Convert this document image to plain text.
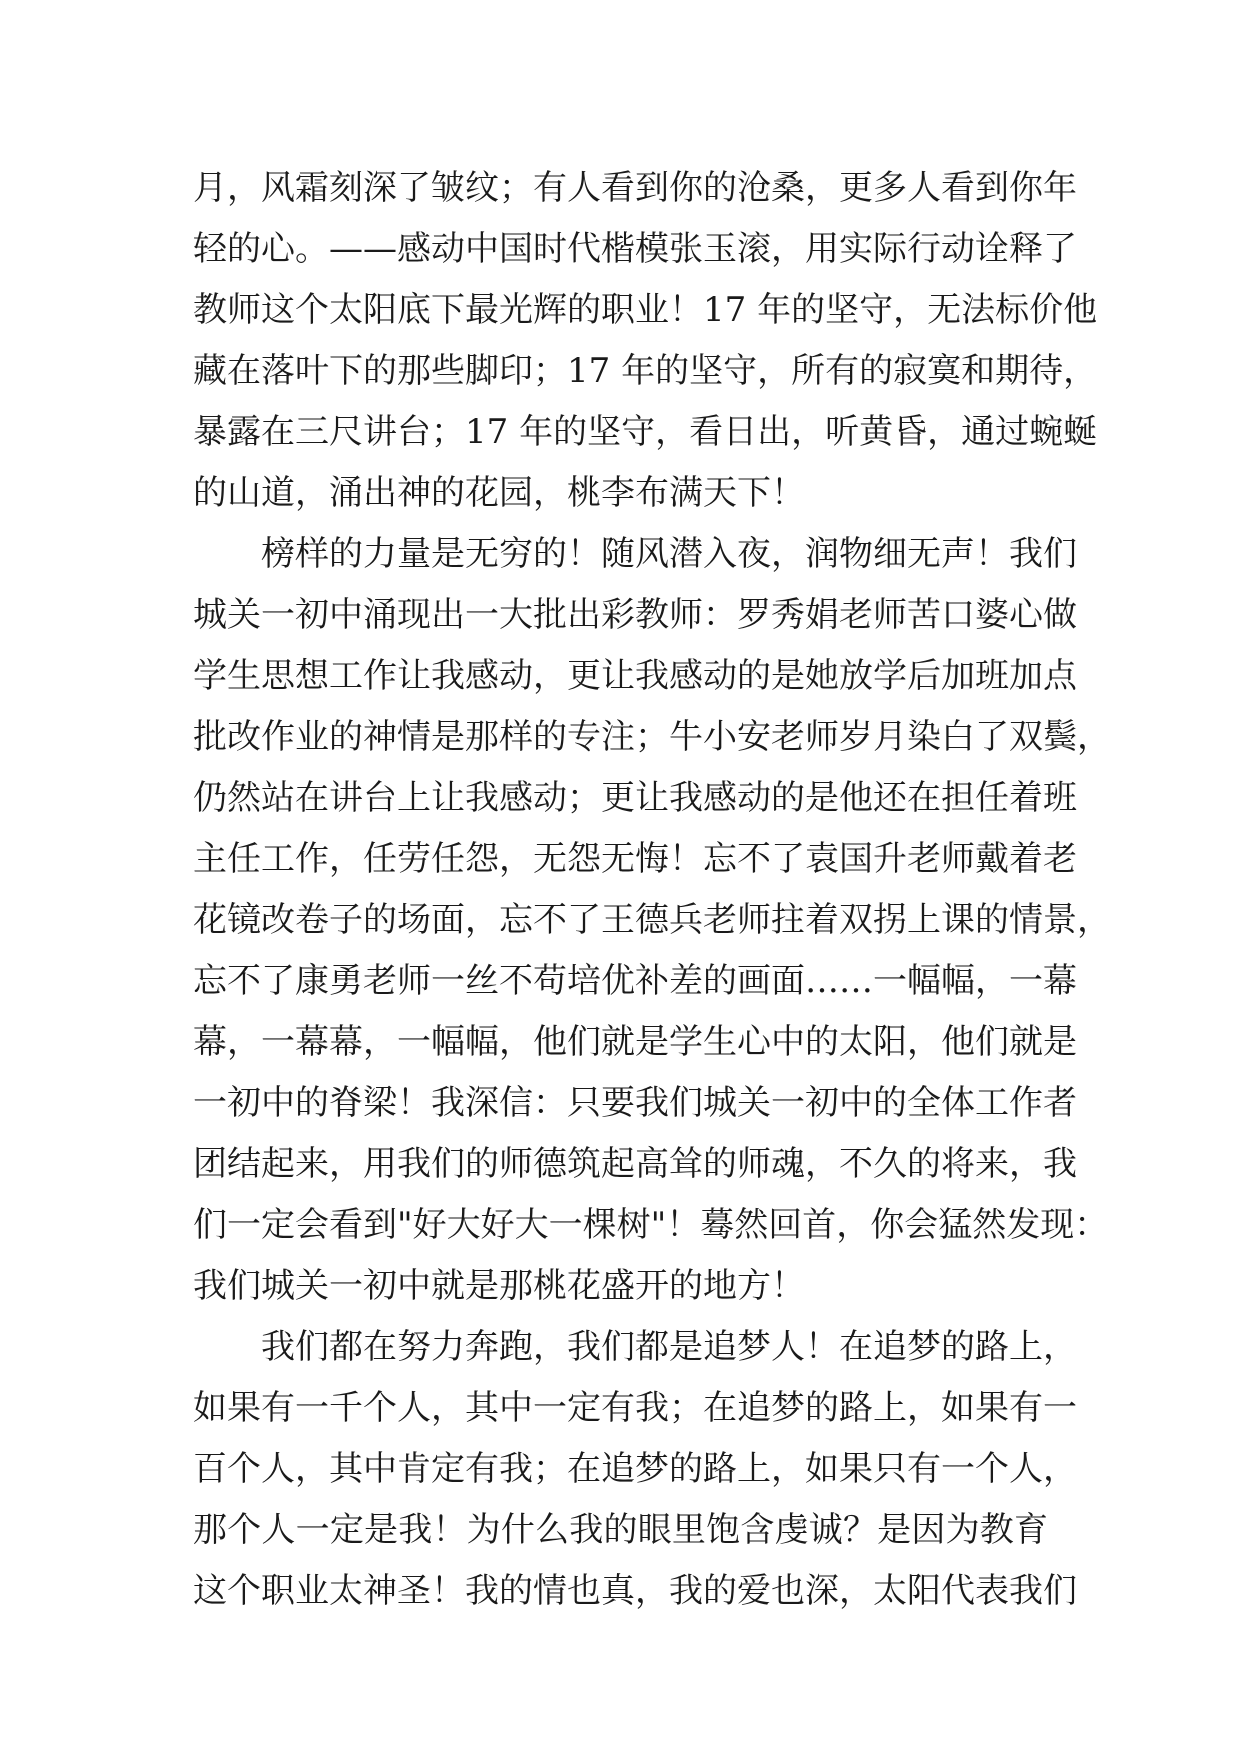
月，风霜刻深了皱纹；有人看到你的沧桑，更多人看到你年
轻的心。——感动中国时代楷模张玉滚，用实际行动诠释了
教师这个太阳底下最光辉的职业！17 年的坚守，无法标价他
藏在落叶下的那些脚印；17 年的坚守，所有的寂寞和期待，
暴露在三尺讲台；17 年的坚守，看日出，听黄昏，通过蜿蜒
的山道，涌出神的花园，桃李布满天下！
榜样的力量是无穷的！随风潜入夜，润物细无声！我们
城关一初中涌现出一大批出彩教师：罗秀娟老师苦口婆心做
学生思想工作让我感动，更让我感动的是她放学后加班加点
批改作业的神情是那样的专注；牛小安老师岁月染白了双鬓，
仍然站在讲台上让我感动；更让我感动的是他还在担任着班
主任工作，任劳任怨，无怨无悔！忘不了袁国升老师戴着老
花镜改卷子的场面，忘不了王德兵老师拄着双拐上课的情景，
忘不了康勇老师一丝不苟培优补差的画面……一幅幅，一幕
幕，一幕幕，一幅幅，他们就是学生心中的太阳，他们就是
一初中的脊梁！我深信：只要我们城关一初中的全体工作者
团结起来，用我们的师德筑起高耸的师魂，不久的将来，我
们一定会看到"好大好大一棵树"！蓦然回首，你会猛然发现：
我们城关一初中就是那桃花盛开的地方！
我们都在努力奔跑，我们都是追梦人！在追梦的路上，
如果有一千个人，其中一定有我；在追梦的路上，如果有一
百个人，其中肯定有我；在追梦的路上，如果只有一个人，
那个人一定是我！为什么我的眼里饱含虔诚？是因为教育
这个职业太神圣！我的情也真，我的爱也深，太阳代表我们
